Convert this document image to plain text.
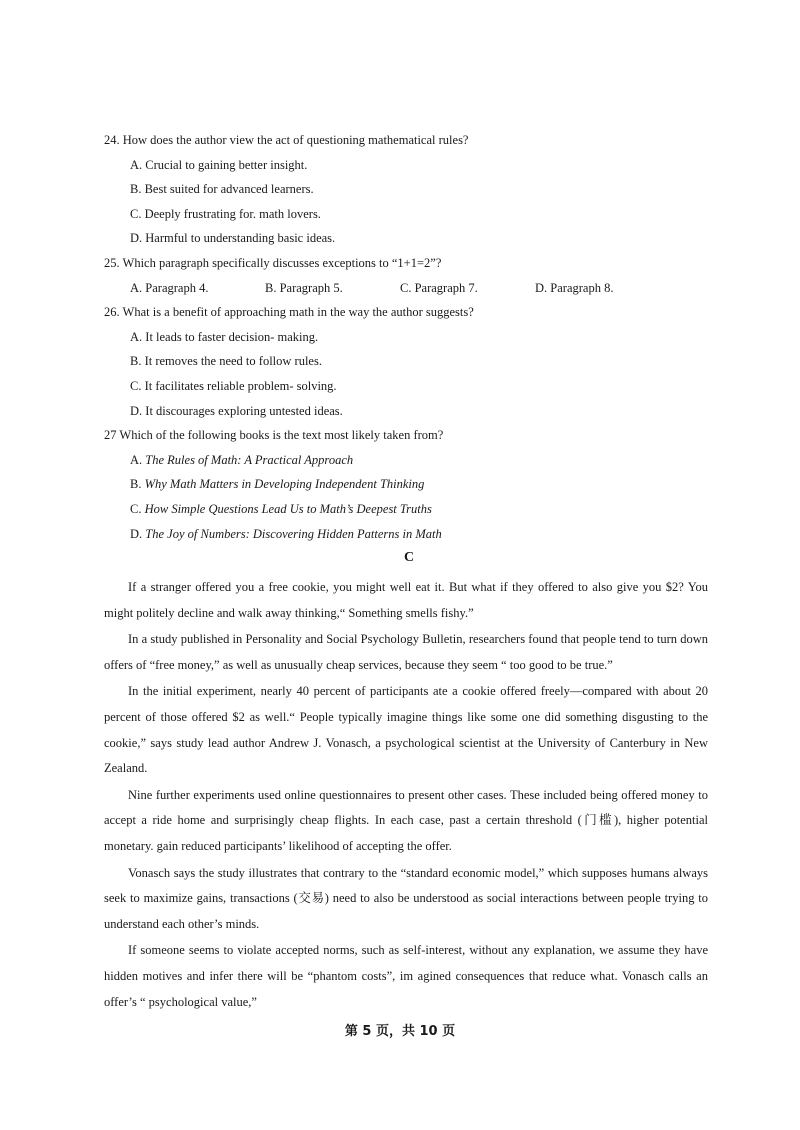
24. How does the author view the act of questioning mathematical rules?

A. Crucial to gaining better insight.

B. Best suited for advanced learners.

C. Deeply frustrating for. math lovers.

D. Harmful to understanding basic ideas.

25. Which paragraph specifically discusses exceptions to “1+1=2”?

A. Paragraph 4.	B. Paragraph 5.	C. Paragraph 7.	D. Paragraph 8.

26. What is a benefit of approaching math in the way the author suggests?

A. It leads to faster decision- making.

B. It removes the need to follow rules.

C. It facilitates reliable problem- solving.

D. It discourages exploring untested ideas.

27 Which of the following books is the text most likely taken from?

A. The Rules of Math: A Practical Approach

B. Why Math Matters in Developing Independent Thinking

C. How Simple Questions Lead Us to Math’s Deepest Truths

D. The Joy of Numbers: Discovering Hidden Patterns in Math

C

If a stranger offered you a free cookie, you might well eat it. But what if they offered to also give you $2? You might politely decline and walk away thinking,“ Something smells fishy.”

In a study published in Personality and Social Psychology Bulletin, researchers found that people tend to turn down offers of “free money,” as well as unusually cheap services, because they seem “ too good to be true.”

In the initial experiment, nearly 40 percent of participants ate a cookie offered freely—compared with about 20 percent of those offered $2 as well.“ People typically imagine things like some one did something disgusting to the cookie,” says study lead author Andrew J. Vonasch, a psychological scientist at the University of Canterbury in New Zealand.

Nine further experiments used online questionnaires to present other cases. These included being offered money to accept a ride home and surprisingly cheap flights. In each case, past a certain threshold (门槛), higher potential monetary. gain reduced participants’ likelihood of accepting the offer.

Vonasch says the study illustrates that contrary to the “standard economic model,” which supposes humans always seek to maximize gains, transactions (交易) need to also be understood as social interactions between people trying to understand each other’s minds.

If someone seems to violate accepted norms, such as self-interest, without any explanation, we assume they have hidden motives and infer there will be “phantom costs”, im agined consequences that reduce what. Vonasch calls an offer’s “ psychological value,”

第 5 页，共 10 页
